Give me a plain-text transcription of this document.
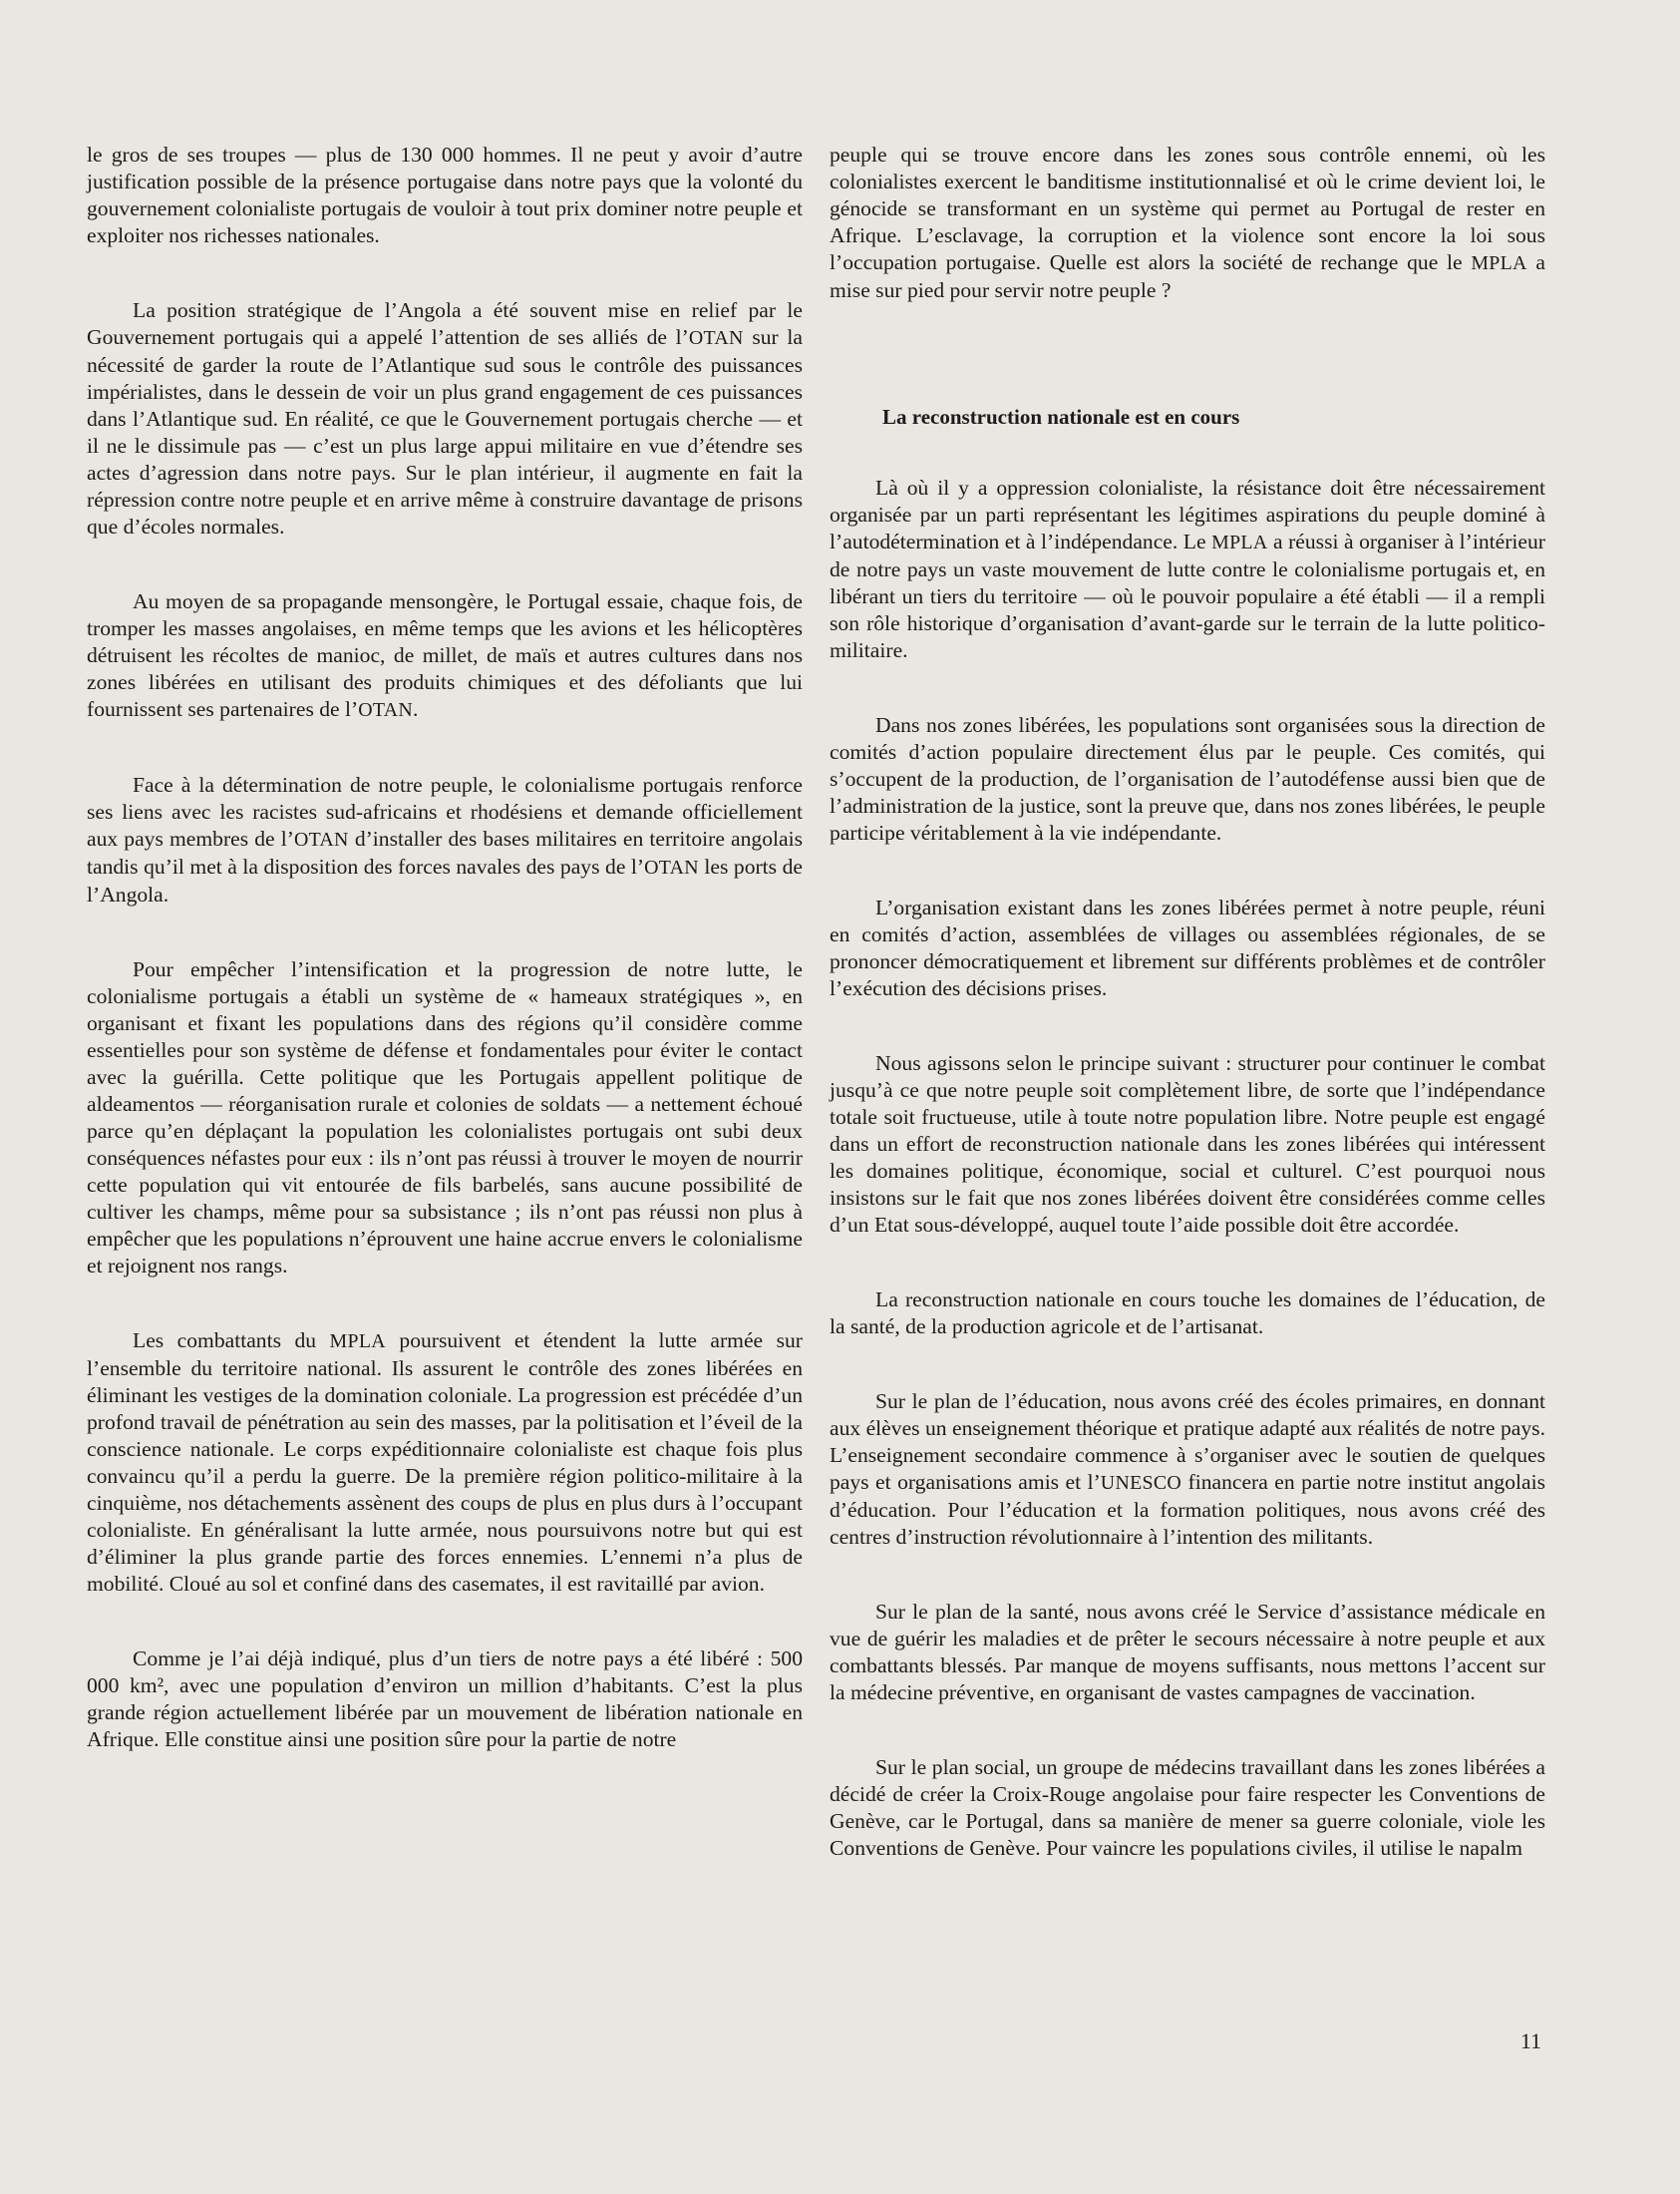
le gros de ses troupes — plus de 130 000 hommes. Il ne peut y avoir d’autre justification possible de la présence portugaise dans notre pays que la volonté du gouvernement colonialiste portugais de vouloir à tout prix dominer notre peuple et exploiter nos richesses nationales.

La position stratégique de l’Angola a été souvent mise en relief par le Gouvernement portugais qui a appelé l’attention de ses alliés de l’OTAN sur la nécessité de garder la route de l’Atlantique sud sous le contrôle des puissances impérialistes, dans le dessein de voir un plus grand engagement de ces puissances dans l’Atlantique sud. En réalité, ce que le Gouvernement portugais cherche — et il ne le dissimule pas — c’est un plus large appui militaire en vue d’étendre ses actes d’agression dans notre pays. Sur le plan intérieur, il augmente en fait la répression contre notre peuple et en arrive même à construire davantage de prisons que d’écoles normales.

Au moyen de sa propagande mensongère, le Portugal essaie, chaque fois, de tromper les masses angolaises, en même temps que les avions et les hélicoptères détruisent les récoltes de manioc, de millet, de maïs et autres cultures dans nos zones libérées en utilisant des produits chimiques et des défoliants que lui fournissent ses partenaires de l’OTAN.

Face à la détermination de notre peuple, le colonialisme portugais renforce ses liens avec les racistes sud-africains et rhodésiens et demande officiellement aux pays membres de l’OTAN d’installer des bases militaires en territoire angolais tandis qu’il met à la disposition des forces navales des pays de l’OTAN les ports de l’Angola.

Pour empêcher l’intensification et la progression de notre lutte, le colonialisme portugais a établi un système de « hameaux stratégiques », en organisant et fixant les populations dans des régions qu’il considère comme essentielles pour son système de défense et fondamentales pour éviter le contact avec la guérilla. Cette politique que les Portugais appellent politique de aldeamentos — réorganisation rurale et colonies de soldats — a nettement échoué parce qu’en déplaçant la population les colonialistes portugais ont subi deux conséquences néfastes pour eux : ils n’ont pas réussi à trouver le moyen de nourrir cette population qui vit entourée de fils barbelés, sans aucune possibilité de cultiver les champs, même pour sa subsistance ; ils n’ont pas réussi non plus à empêcher que les populations n’éprouvent une haine accrue envers le colonialisme et rejoignent nos rangs.

Les combattants du MPLA poursuivent et étendent la lutte armée sur l’ensemble du territoire national. Ils assurent le contrôle des zones libérées en éliminant les vestiges de la domination coloniale. La progression est précédée d’un profond travail de pénétration au sein des masses, par la politisation et l’éveil de la conscience nationale. Le corps expéditionnaire colonialiste est chaque fois plus convaincu qu’il a perdu la guerre. De la première région politico-militaire à la cinquième, nos détachements assènent des coups de plus en plus durs à l’occupant colonialiste. En généralisant la lutte armée, nous poursuivons notre but qui est d’éliminer la plus grande partie des forces ennemies. L’ennemi n’a plus de mobilité. Cloué au sol et confiné dans des casemates, il est ravitaillé par avion.

Comme je l’ai déjà indiqué, plus d’un tiers de notre pays a été libéré : 500 000 km², avec une population d’environ un million d’habitants. C’est la plus grande région actuellement libérée par un mouvement de libération nationale en Afrique. Elle constitue ainsi une position sûre pour la partie de notre

peuple qui se trouve encore dans les zones sous contrôle ennemi, où les colonialistes exercent le banditisme institutionnalisé et où le crime devient loi, le génocide se transformant en un système qui permet au Portugal de rester en Afrique. L’esclavage, la corruption et la violence sont encore la loi sous l’occupation portugaise. Quelle est alors la société de rechange que le MPLA a mise sur pied pour servir notre peuple ?

La reconstruction nationale est en cours

Là où il y a oppression colonialiste, la résistance doit être nécessairement organisée par un parti représentant les légitimes aspirations du peuple dominé à l’autodétermination et à l’indépendance. Le MPLA a réussi à organiser à l’intérieur de notre pays un vaste mouvement de lutte contre le colonialisme portugais et, en libérant un tiers du territoire — où le pouvoir populaire a été établi — il a rempli son rôle historique d’organisation d’avant-garde sur le terrain de la lutte politico-militaire.

Dans nos zones libérées, les populations sont organisées sous la direction de comités d’action populaire directement élus par le peuple. Ces comités, qui s’occupent de la production, de l’organisation de l’autodéfense aussi bien que de l’administration de la justice, sont la preuve que, dans nos zones libérées, le peuple participe véritablement à la vie indépendante.

L’organisation existant dans les zones libérées permet à notre peuple, réuni en comités d’action, assemblées de villages ou assemblées régionales, de se prononcer démocratiquement et librement sur différents problèmes et de contrôler l’exécution des décisions prises.

Nous agissons selon le principe suivant : structurer pour continuer le combat jusqu’à ce que notre peuple soit complètement libre, de sorte que l’indépendance totale soit fructueuse, utile à toute notre population libre. Notre peuple est engagé dans un effort de reconstruction nationale dans les zones libérées qui intéressent les domaines politique, économique, social et culturel. C’est pourquoi nous insistons sur le fait que nos zones libérées doivent être considérées comme celles d’un Etat sous-développé, auquel toute l’aide possible doit être accordée.

La reconstruction nationale en cours touche les domaines de l’éducation, de la santé, de la production agricole et de l’artisanat.

Sur le plan de l’éducation, nous avons créé des écoles primaires, en donnant aux élèves un enseignement théorique et pratique adapté aux réalités de notre pays. L’enseignement secondaire commence à s’organiser avec le soutien de quelques pays et organisations amis et l’UNESCO financera en partie notre institut angolais d’éducation. Pour l’éducation et la formation politiques, nous avons créé des centres d’instruction révolutionnaire à l’intention des militants.

Sur le plan de la santé, nous avons créé le Service d’assistance médicale en vue de guérir les maladies et de prêter le secours nécessaire à notre peuple et aux combattants blessés. Par manque de moyens suffisants, nous mettons l’accent sur la médecine préventive, en organisant de vastes campagnes de vaccination.

Sur le plan social, un groupe de médecins travaillant dans les zones libérées a décidé de créer la Croix-Rouge angolaise pour faire respecter les Conventions de Genève, car le Portugal, dans sa manière de mener sa guerre coloniale, viole les Conventions de Genève. Pour vaincre les populations civiles, il utilise le napalm

11
